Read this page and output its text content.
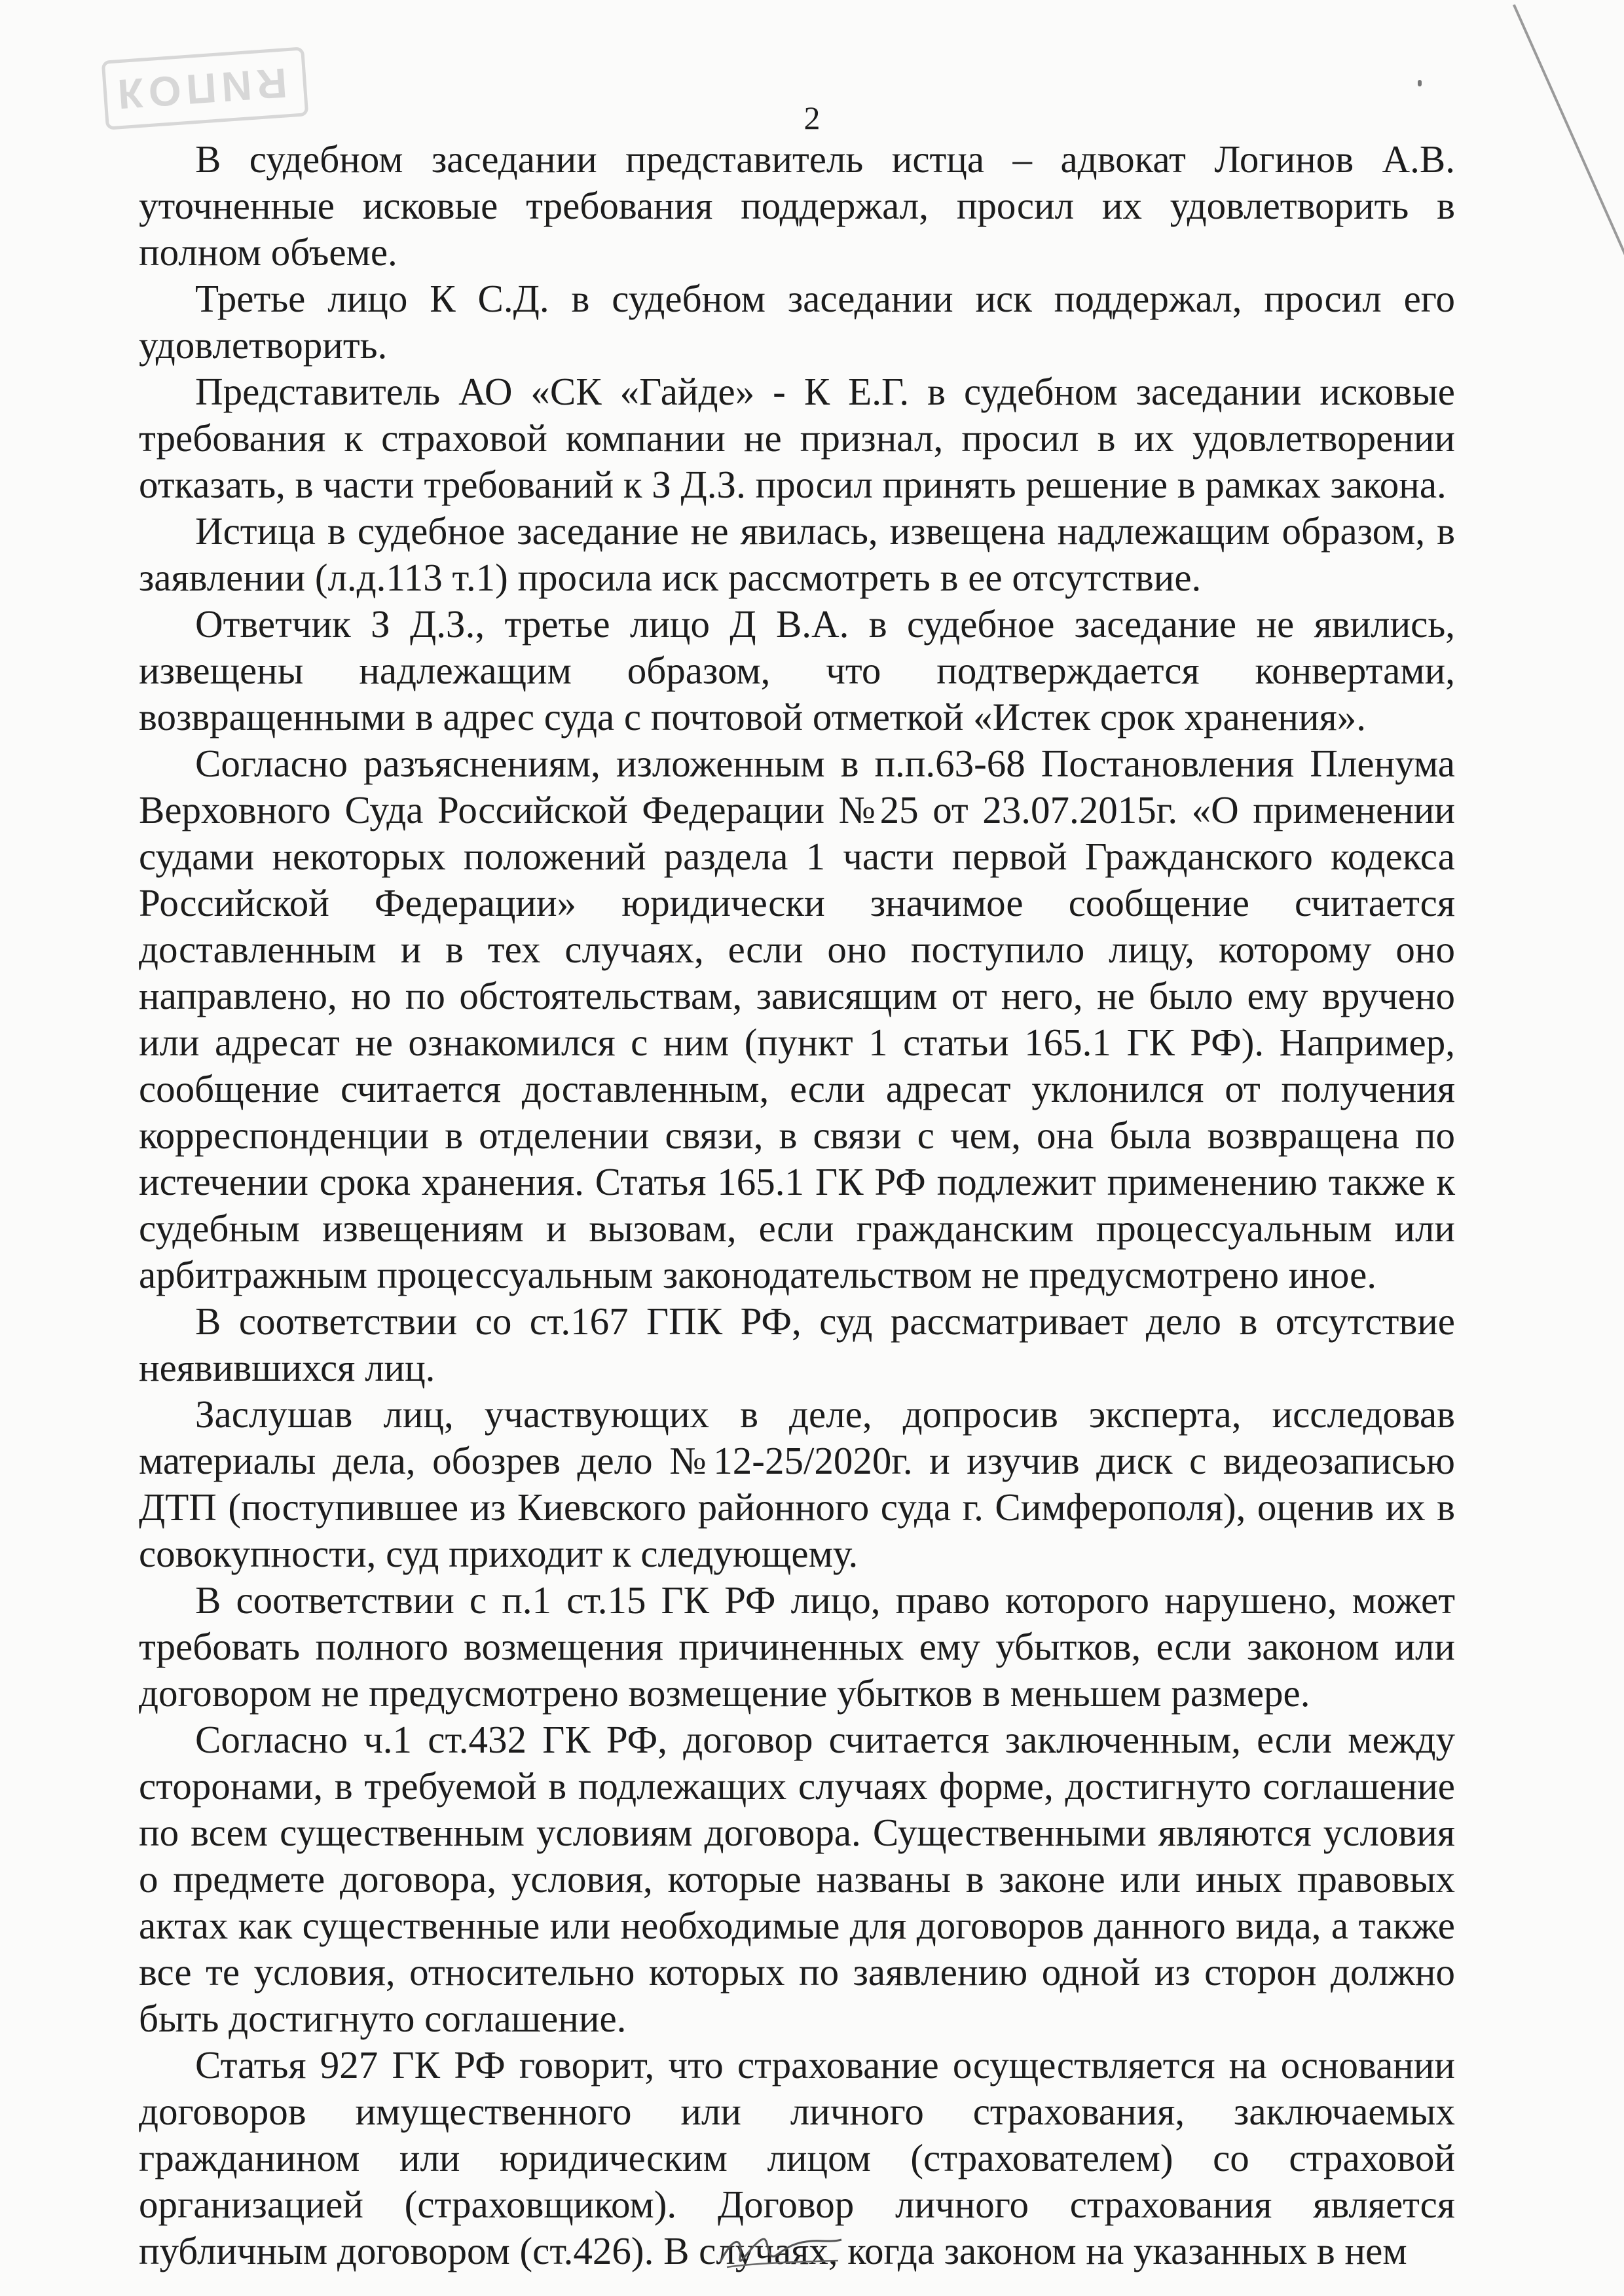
КОПИЯ	2

В судебном заседании представитель истца – адвокат Логинов А.В. уточненные исковые требования поддержал, просил их удовлетворить в полном объеме.

Третье лицо К С.Д. в судебном заседании иск поддержал, просил его удовлетворить.

Представитель АО «СК «Гайде» - К Е.Г. в судебном заседании исковые требования к страховой компании не признал, просил в их удовлетворении отказать, в части требований к З Д.З. просил принять решение в рамках закона.

Истица в судебное заседание не явилась, извещена надлежащим образом, в заявлении (л.д.113 т.1) просила иск рассмотреть в ее отсутствие.

Ответчик З Д.З., третье лицо Д В.А. в судебное заседание не явились, извещены надлежащим образом, что подтверждается конвертами, возвращенными в адрес суда с почтовой отметкой «Истек срок хранения».

Согласно разъяснениям, изложенным в п.п.63-68 Постановления Пленума Верховного Суда Российской Федерации №25 от 23.07.2015г. «О применении судами некоторых положений раздела 1 части первой Гражданского кодекса Российской Федерации» юридически значимое сообщение считается доставленным и в тех случаях, если оно поступило лицу, которому оно направлено, но по обстоятельствам, зависящим от него, не было ему вручено или адресат не ознакомился с ним (пункт 1 статьи 165.1 ГК РФ). Например, сообщение считается доставленным, если адресат уклонился от получения корреспонденции в отделении связи, в связи с чем, она была возвращена по истечении срока хранения. Статья 165.1 ГК РФ подлежит применению также к судебным извещениям и вызовам, если гражданским процессуальным или арбитражным процессуальным законодательством не предусмотрено иное.

В соответствии со ст.167 ГПК РФ, суд рассматривает дело в отсутствие неявившихся лиц.

Заслушав лиц, участвующих в деле, допросив эксперта, исследовав материалы дела, обозрев дело №12-25/2020г. и изучив диск с видеозаписью ДТП (поступившее из Киевского районного суда г. Симферополя), оценив их в совокупности, суд приходит к следующему.

В соответствии с п.1 ст.15 ГК РФ лицо, право которого нарушено, может требовать полного возмещения причиненных ему убытков, если законом или договором не предусмотрено возмещение убытков в меньшем размере.

Согласно ч.1 ст.432 ГК РФ, договор считается заключенным, если между сторонами, в требуемой в подлежащих случаях форме, достигнуто соглашение по всем существенным условиям договора. Существенными являются условия о предмете договора, условия, которые названы в законе или иных правовых актах как существенные или необходимые для договоров данного вида, а также все те условия, относительно которых по заявлению одной из сторон должно быть достигнуто соглашение.

Статья 927 ГК РФ говорит, что страхование осуществляется на основании договоров имущественного или личного страхования, заключаемых гражданином или юридическим лицом (страхователем) со страховой организацией (страховщиком). Договор личного страхования является публичным договором (ст.426). В случаях, когда законом на указанных в нем
